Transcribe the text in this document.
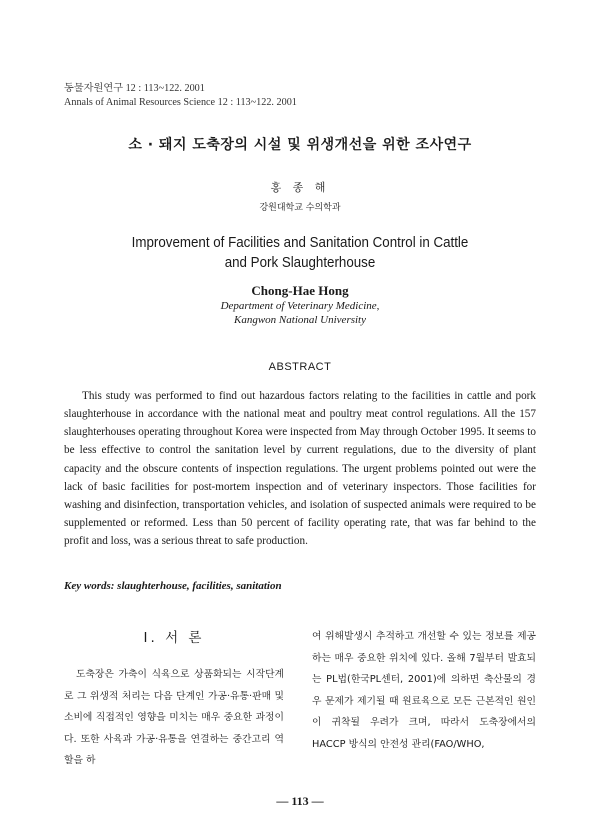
동물자원연구 12 : 113~122. 2001
Annals of Animal Resources Science 12 : 113~122. 2001
소 · 돼지 도축장의 시설 및 위생개선을 위한 조사연구
홍 종 해
강원대학교 수의학과
Improvement of Facilities and Sanitation Control in Cattle
and Pork Slaughterhouse
Chong-Hae Hong
Department of Veterinary Medicine,
Kangwon National University
ABSTRACT

This study was performed to find out hazardous factors relating to the facilities in cattle and pork slaughterhouse in accordance with the national meat and poultry meat control regulations. All the 157 slaughterhouses operating throughout Korea were inspected from May through October 1995. It seems to be less effective to control the sanitation level by current regulations, due to the diversity of plant capacity and the obscure contents of inspection regulations. The urgent problems pointed out were the lack of basic facilities for post-mortem inspection and of veterinary inspectors. Those facilities for washing and disinfection, transportation vehicles, and isolation of suspected animals were required to be supplemented or reformed. Less than 50 percent of facility operating rate, that was far behind to the profit and loss, was a serious threat to safe production.

Key words: slaughterhouse, facilities, sanitation
Ⅰ. 서 론

도축장은 가축이 식육으로 상품화되는 시작단계로 그 위생적 처리는 다음 단계인 가공·유통·판매 및 소비에 직접적인 영향을 미치는 매우 중요한 과정이다. 또한 사육과 가공·유통을 연결하는 중간고리 역할을 하

여 위해발생시 추적하고 개선할 수 있는 정보를 제공하는 매우 중요한 위치에 있다. 올해 7월부터 발효되는 PL법(한국PL센터, 2001)에 의하면 축산물의 경우 문제가 제기될 때 원료육으로 모든 근본적인 원인이 귀착될 우려가 크며, 따라서 도축장에서의 HACCP 방식의 안전성 관리(FAO/WHO,

— 113 —
